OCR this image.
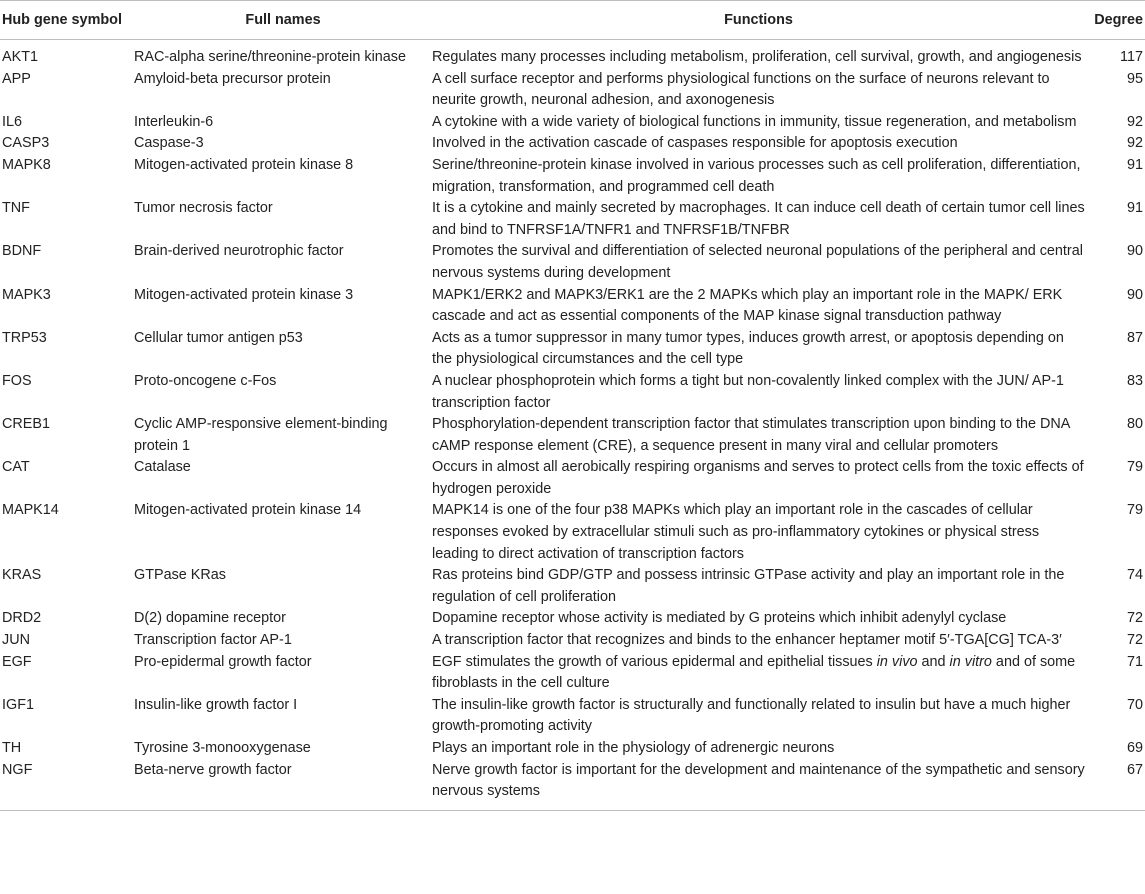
Hub gene symbol	Full names	Functions	Degree
AKT1	RAC-alpha serine/threonine-protein kinase	Regulates many processes including metabolism, proliferation, cell survival, growth, and angiogenesis	117
APP	Amyloid-beta precursor protein	A cell surface receptor and performs physiological functions on the surface of neurons relevant to neurite growth, neuronal adhesion, and axonogenesis	95
IL6	Interleukin-6	A cytokine with a wide variety of biological functions in immunity, tissue regeneration, and metabolism	92
CASP3	Caspase-3	Involved in the activation cascade of caspases responsible for apoptosis execution	92
MAPK8	Mitogen-activated protein kinase 8	Serine/threonine-protein kinase involved in various processes such as cell proliferation, differentiation, migration, transformation, and programmed cell death	91
TNF	Tumor necrosis factor	It is a cytokine and mainly secreted by macrophages. It can induce cell death of certain tumor cell lines and bind to TNFRSF1A/TNFR1 and TNFRSF1B/TNFBR	91
BDNF	Brain-derived neurotrophic factor	Promotes the survival and differentiation of selected neuronal populations of the peripheral and central nervous systems during development	90
MAPK3	Mitogen-activated protein kinase 3	MAPK1/ERK2 and MAPK3/ERK1 are the 2 MAPKs which play an important role in the MAPK/ ERK cascade and act as essential components of the MAP kinase signal transduction pathway	90
TRP53	Cellular tumor antigen p53	Acts as a tumor suppressor in many tumor types, induces growth arrest, or apoptosis depending on the physiological circumstances and the cell type	87
FOS	Proto-oncogene c-Fos	A nuclear phosphoprotein which forms a tight but non-covalently linked complex with the JUN/ AP-1 transcription factor	83
CREB1	Cyclic AMP-responsive element-binding protein 1	Phosphorylation-dependent transcription factor that stimulates transcription upon binding to the DNA cAMP response element (CRE), a sequence present in many viral and cellular promoters	80
CAT	Catalase	Occurs in almost all aerobically respiring organisms and serves to protect cells from the toxic effects of hydrogen peroxide	79
MAPK14	Mitogen-activated protein kinase 14	MAPK14 is one of the four p38 MAPKs which play an important role in the cascades of cellular responses evoked by extracellular stimuli such as pro-inflammatory cytokines or physical stress leading to direct activation of transcription factors	79
KRAS	GTPase KRas	Ras proteins bind GDP/GTP and possess intrinsic GTPase activity and play an important role in the regulation of cell proliferation	74
DRD2	D(2) dopamine receptor	Dopamine receptor whose activity is mediated by G proteins which inhibit adenylyl cyclase	72
JUN	Transcription factor AP-1	A transcription factor that recognizes and binds to the enhancer heptamer motif 5′-TGA[CG] TCA-3′	72
EGF	Pro-epidermal growth factor	EGF stimulates the growth of various epidermal and epithelial tissues in vivo and in vitro and of some fibroblasts in the cell culture	71
IGF1	Insulin-like growth factor I	The insulin-like growth factor is structurally and functionally related to insulin but have a much higher growth-promoting activity	70
TH	Tyrosine 3-monooxygenase	Plays an important role in the physiology of adrenergic neurons	69
NGF	Beta-nerve growth factor	Nerve growth factor is important for the development and maintenance of the sympathetic and sensory nervous systems	67
